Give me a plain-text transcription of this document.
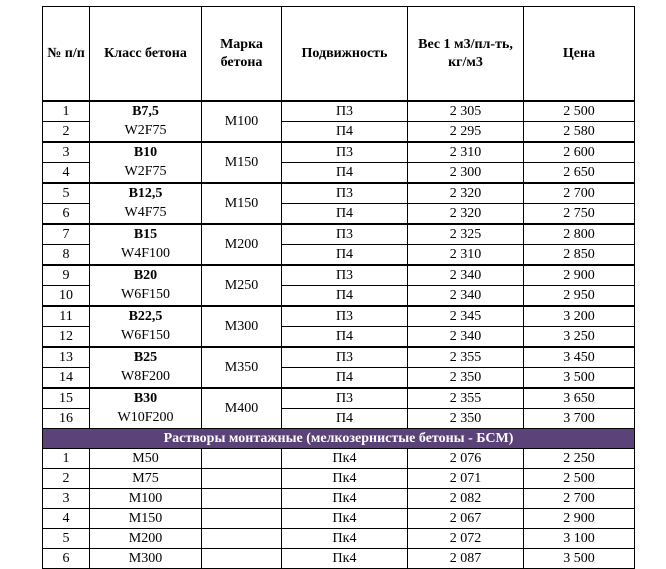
№ п/п	Класс бетона	Марка бетона	Подвижность	Вес 1 м3/пл-ть, кг/м3	Цена
1	B7,5	М100	П3	2 305	2 500
2	W2F75		П4	2 295	2 580
3	B10	М150	П3	2 310	2 600
4	W2F75		П4	2 300	2 650
5	B12,5	М150	П3	2 320	2 700
6	W4F75		П4	2 320	2 750
7	B15	М200	П3	2 325	2 800
8	W4F100		П4	2 310	2 850
9	B20	М250	П3	2 340	2 900
10	W6F150		П4	2 340	2 950
11	B22,5	М300	П3	2 345	3 200
12	W6F150		П4	2 340	3 250
13	B25	М350	П3	2 355	3 450
14	W8F200		П4	2 350	3 500
15	B30	М400	П3	2 355	3 650
16	W10F200		П4	2 350	3 700
Растворы монтажные (мелкозернистые бетоны - БСМ)					
1	М50		Пк4	2 076	2 250
2	М75		Пк4	2 071	2 500
3	М100		Пк4	2 082	2 700
4	М150		Пк4	2 067	2 900
5	М200		Пк4	2 072	3 100
6	М300		Пк4	2 087	3 500
